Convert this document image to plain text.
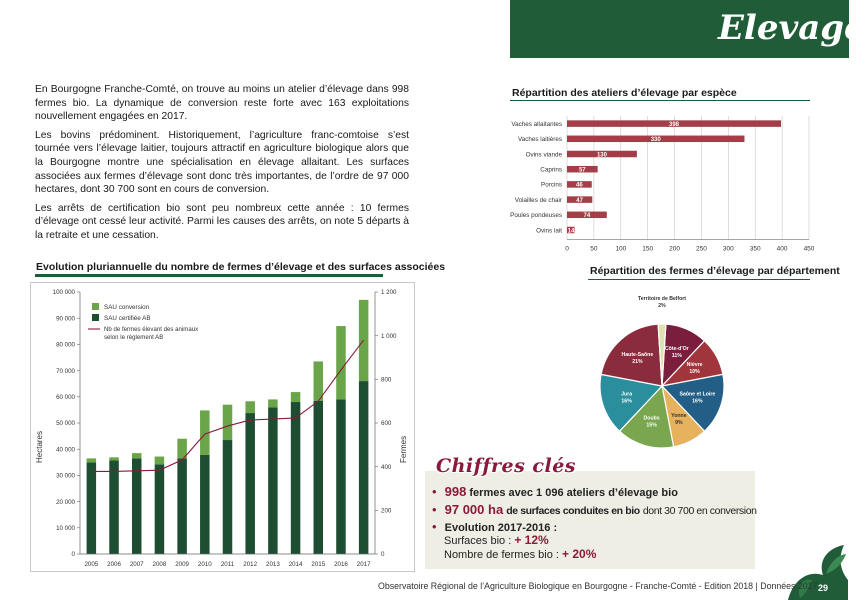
Elevage

En Bourgogne Franche-Comté, on trouve au moins un atelier d’élevage dans 998 fermes bio. La dynamique de conversion reste forte avec 163 exploitations nouvellement engagées en 2017.

Les bovins prédominent. Historiquement, l’agriculture franc-comtoise s’est tournée vers l’élevage laitier, toujours attractif en agriculture biologique alors que la Bourgogne montre une spécialisation en élevage allaitant. Les surfaces associées aux fermes d’élevage sont donc très importantes, de l’ordre de 97 000 hectares, dont 30 700 sont en cours de conversion.

Les arrêts de certification bio sont peu nombreux cette année : 10 fermes d’élevage ont cessé leur activité. Parmi les causes des arrêts, on note 5 départs à la retraite et une cessation.

Répartition des ateliers d’élevage par espèce
Evolution pluriannuelle du nombre de fermes d’élevage et des surfaces associées	Répartition des fermes d’élevage par département
0	50	100 150 200 250 300 350 400 450
Vaches allaitantes	398
Vaches laitières	330
Ovins viande	130
Caprins	57
Porcins 46
Volailles de chair 47
Poules pondeuses	74
Ovins lait 14
0
10 000
20 000
30 000
40 000
50 000
60 000
70 000
80 000
90 000
100 000
0
200
400
600
800
1 000
1 200
Hectares	Fermes
2005 2006 2007 2008 2009 2010 2011 2012 2013 2014 2015 2016 2017
SAU conversion
SAU certifiée AB
Nb de fermes élevant des animaux
selon le règlement AB
Côte-d'Or
11%
Nièvre
10%
Saône et Loire
16%
Yonne
9%
Doubs
15%
Jura
16%
Haute-Saône
21%
Territoire de Belfort
2%
Chiffres clés
• 998 fermes avec 1 096 ateliers d’élevage bio
• 97 000 ha de surfaces conduites en bio dont 30 700 en conversion
• Evolution 2017-2016 :
Surfaces bio : + 12%
Nombre de fermes bio : + 20%
Observatoire Régional de l’Agriculture Biologique en Bourgogne - Franche-Comté - Edition 2018 | Données 2017 29
